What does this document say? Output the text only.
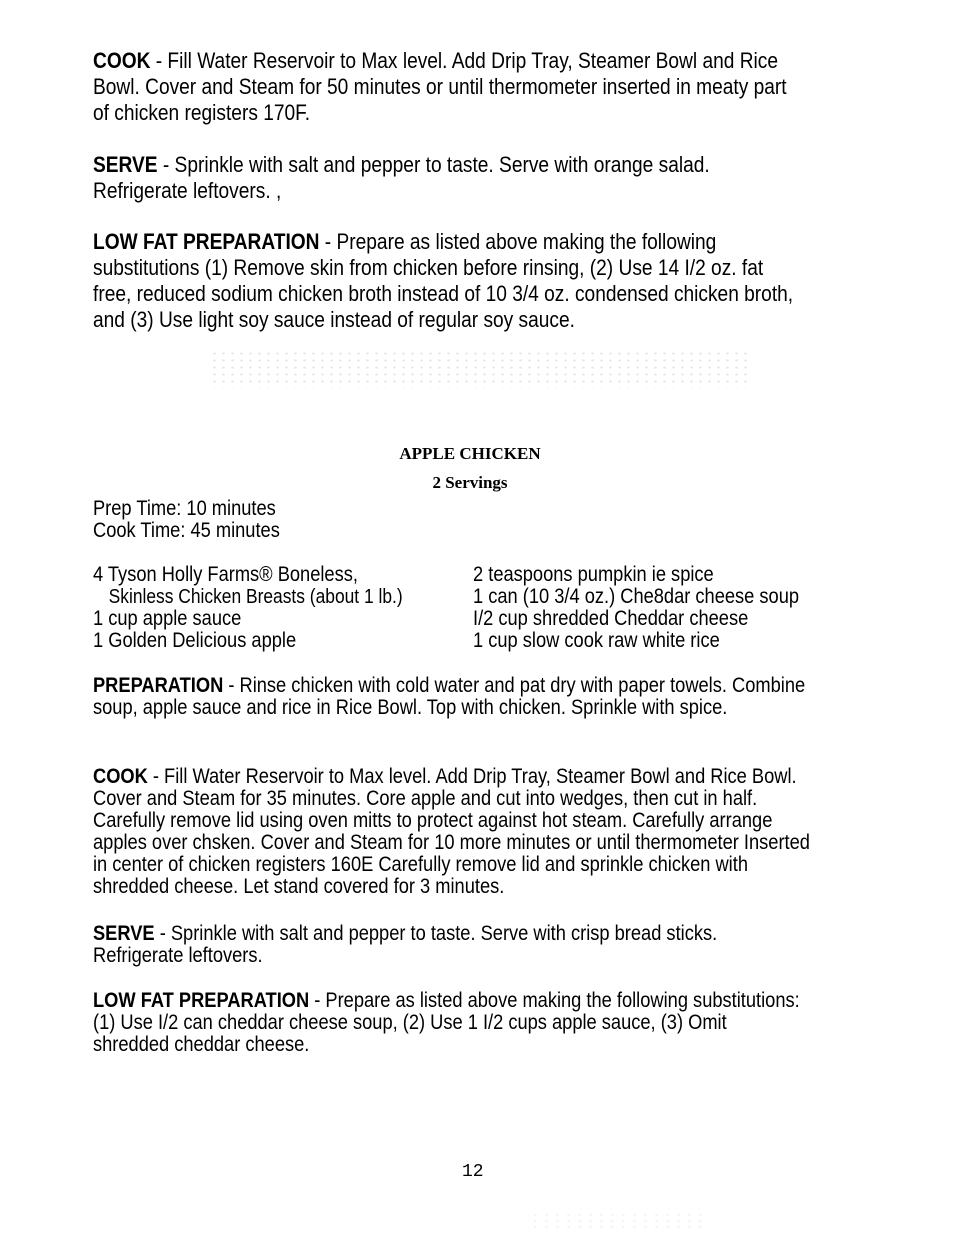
COOK - Fill Water Reservoir to Max level. Add Drip Tray, Steamer Bowl and Rice Bowl. Cover and Steam for 50 minutes or until thermometer inserted in meaty part of chicken registers 170F.
SERVE - Sprinkle with salt and pepper to taste. Serve with orange salad. Refrigerate leftovers. ,
LOW FAT PREPARATION - Prepare as listed above making the following substitutions (1) Remove skin from chicken before rinsing, (2) Use 14 I/2 oz. fat free, reduced sodium chicken broth instead of 10 3/4 oz. condensed chicken broth, and (3) Use light soy sauce instead of regular soy sauce.
APPLE CHICKEN
2 Servings
Prep Time: 10 minutes
Cook Time: 45 minutes
4 Tyson Holly Farms® Boneless,
Skinless Chicken Breasts (about 1 lb.)
1 cup apple sauce
1 Golden Delicious apple
2 teaspoons pumpkin ie spice
1 can (10 3/4 oz.) Che8dar cheese soup
I/2 cup shredded Cheddar cheese
1 cup slow cook raw white rice
PREPARATION - Rinse chicken with cold water and pat dry with paper towels. Combine soup, apple sauce and rice in Rice Bowl. Top with chicken. Sprinkle with spice.
COOK - Fill Water Reservoir to Max level. Add Drip Tray, Steamer Bowl and Rice Bowl. Cover and Steam for 35 minutes. Core apple and cut into wedges, then cut in half. Carefully remove lid using oven mitts to protect against hot steam. Carefully arrange apples over chsken. Cover and Steam for 10 more minutes or until thermometer Inserted in center of chicken registers 160E Carefully remove lid and sprinkle chicken with shredded cheese. Let stand covered for 3 minutes.
SERVE - Sprinkle with salt and pepper to taste. Serve with crisp bread sticks. Refrigerate leftovers.
LOW FAT PREPARATION - Prepare as listed above making the following substitutions: (1) Use I/2 can cheddar cheese soup, (2) Use 1 I/2 cups apple sauce, (3) Omit shredded cheddar cheese.
12
